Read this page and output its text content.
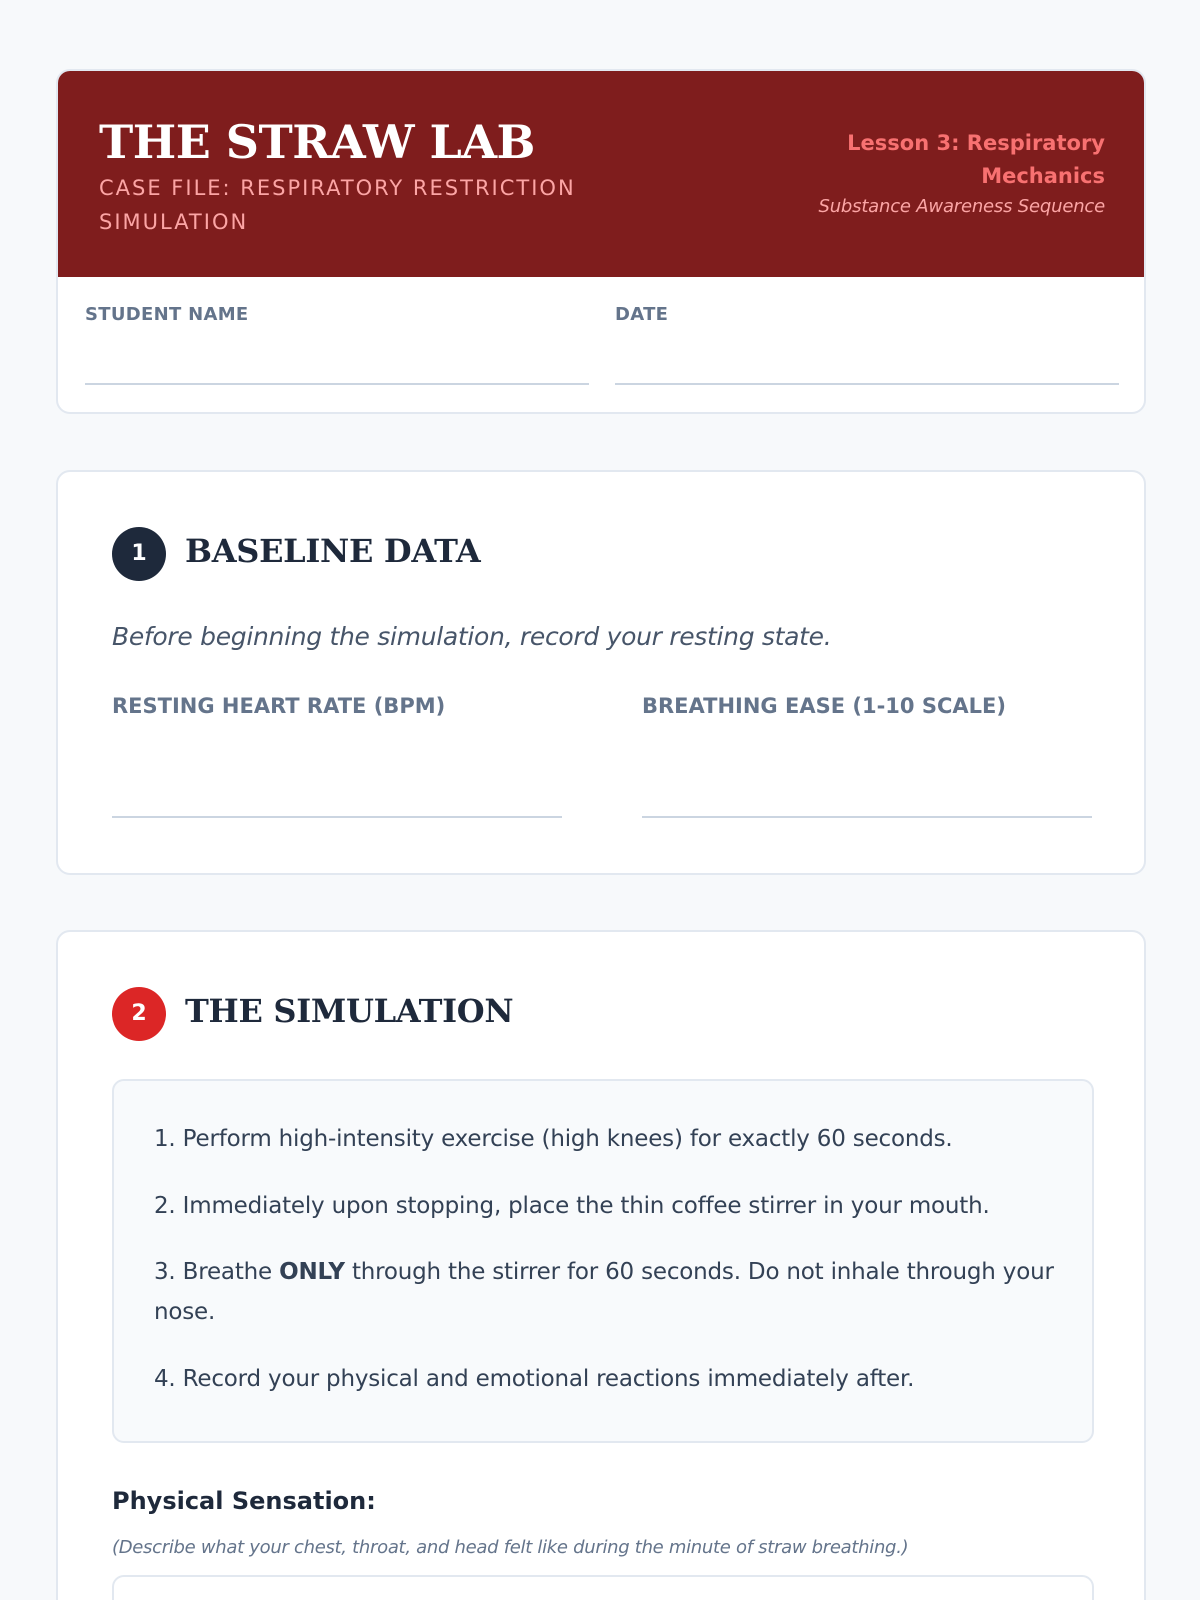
THE STRAW LAB
CASE FILE: RESPIRATORY RESTRICTION SIMULATION
Lesson 3: Respiratory Mechanics
Substance Awareness Sequence
STUDENT NAME	DATE
1	BASELINE DATA
Before beginning the simulation, record your resting state.
RESTING HEART RATE (BPM)	BREATHING EASE (1-10 SCALE)
2	THE SIMULATION
1. Perform high-intensity exercise (high knees) for exactly 60 seconds.
2. Immediately upon stopping, place the thin coffee stirrer in your mouth.
3. Breathe ONLY through the stirrer for 60 seconds. Do not inhale through your nose.
4. Record your physical and emotional reactions immediately after.
Physical Sensation:
(Describe what your chest, throat, and head felt like during the minute of straw breathing.)
